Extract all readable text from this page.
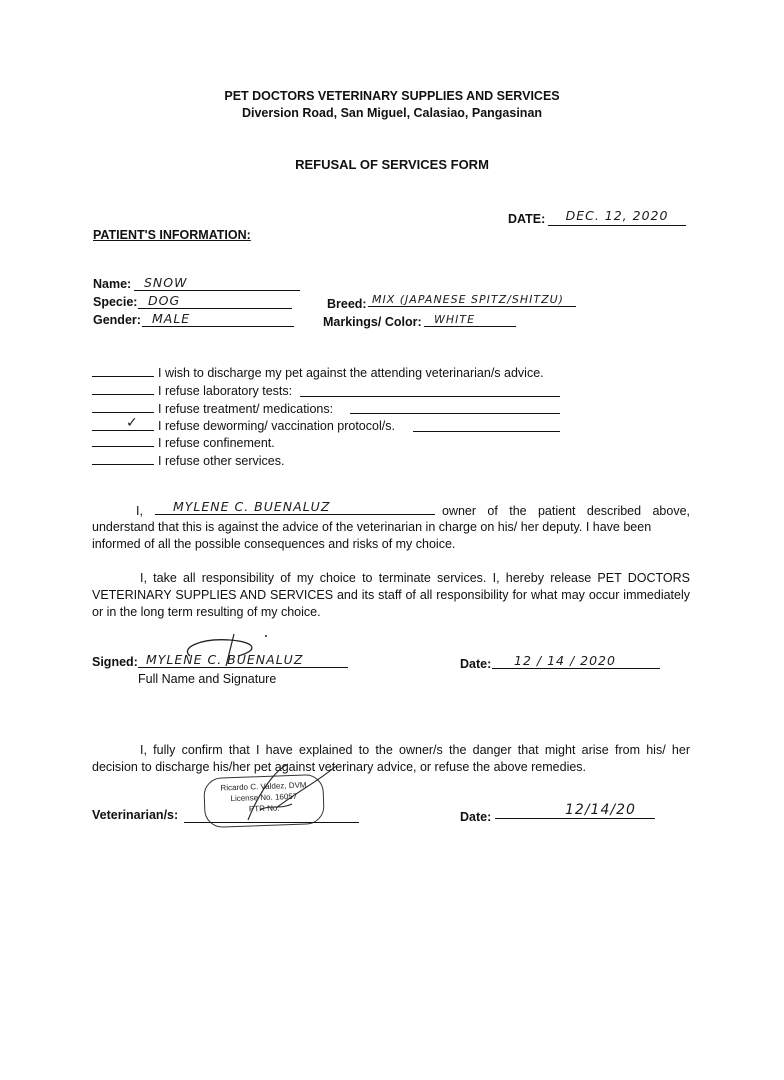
PET DOCTORS VETERINARY SUPPLIES AND SERVICES
Diversion Road, San Miguel, Calasiao, Pangasinan
REFUSAL OF SERVICES FORM
DATE:	DEC. 12, 2020
PATIENT'S INFORMATION:
Name:	SNOW
Specie: DOG
Gender: MALE
Breed: MIX (JAPANESE SPITZ/SHITZU)
Markings/ Color:	WHITE
I wish to discharge my pet against the attending veterinarian/s advice.
I refuse laboratory tests:
I refuse treatment/ medications:
✓ I refuse deworming/ vaccination protocol/s.
I refuse confinement.
I refuse other services.
I,	MYLENE C. BUENALUZ	owner of the patient described above,
understand that this is against the advice of the veterinarian in charge on his/ her deputy. I have been
informed of all the possible consequences and risks of my choice.
I, take all responsibility of my choice to terminate services. I, hereby release PET DOCTORS VETERINARY SUPPLIES AND SERVICES and its staff of all responsibility for what may occur immediately or in the long term resulting of my choice.
Signed: MYLENE C. BUENALUZ
Full Name and Signature
Date:	12 / 14 / 2020
I, fully confirm that I have explained to the owner/s the danger that might arise from his/ her decision to discharge his/her pet against veterinary advice, or refuse the above remedies.
Ricardo C. Valdez, DVM
License No. 16057
PTR No.
Veterinarian/s:	Date:	12/14/20
